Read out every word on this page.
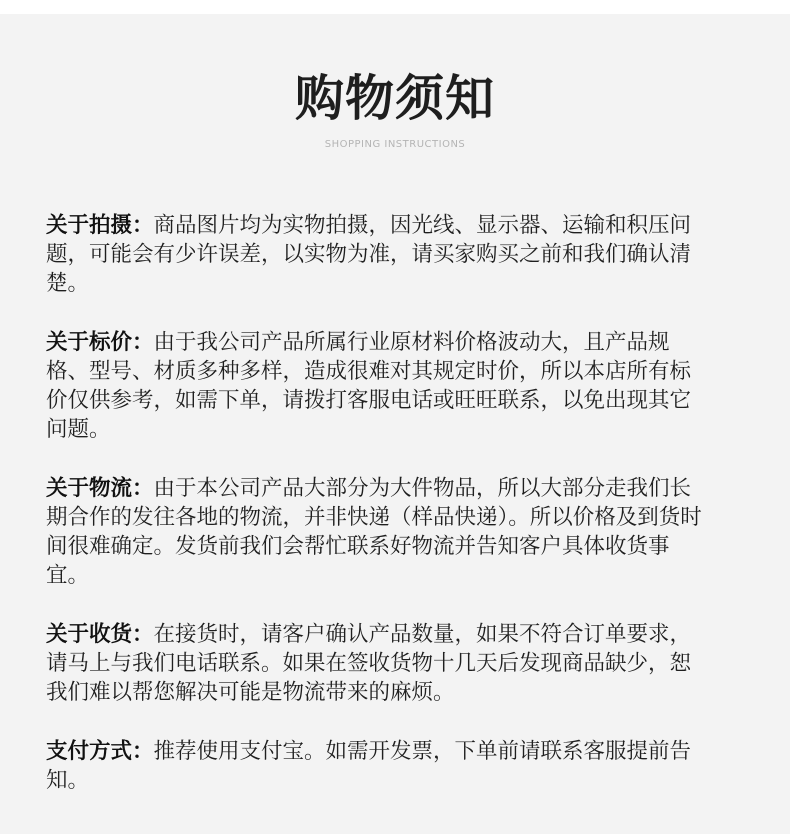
购物须知
SHOPPING INSTRUCTIONS

关于拍摄：商品图片均为实物拍摄，因光线、显示器、运输和积压问题，可能会有少许误差，以实物为准，请买家购买之前和我们确认清楚。

关于标价：由于我公司产品所属行业原材料价格波动大，且产品规格、型号、材质多种多样，造成很难对其规定时价，所以本店所有标价仅供参考，如需下单，请拨打客服电话或旺旺联系，以免出现其它问题。

关于物流：由于本公司产品大部分为大件物品，所以大部分走我们长期合作的发往各地的物流，并非快递（样品快递）。所以价格及到货时间很难确定。发货前我们会帮忙联系好物流并告知客户具体收货事宜。

关于收货：在接货时，请客户确认产品数量，如果不符合订单要求，请马上与我们电话联系。如果在签收货物十几天后发现商品缺少，恕我们难以帮您解决可能是物流带来的麻烦。

支付方式：推荐使用支付宝。如需开发票，下单前请联系客服提前告知。
